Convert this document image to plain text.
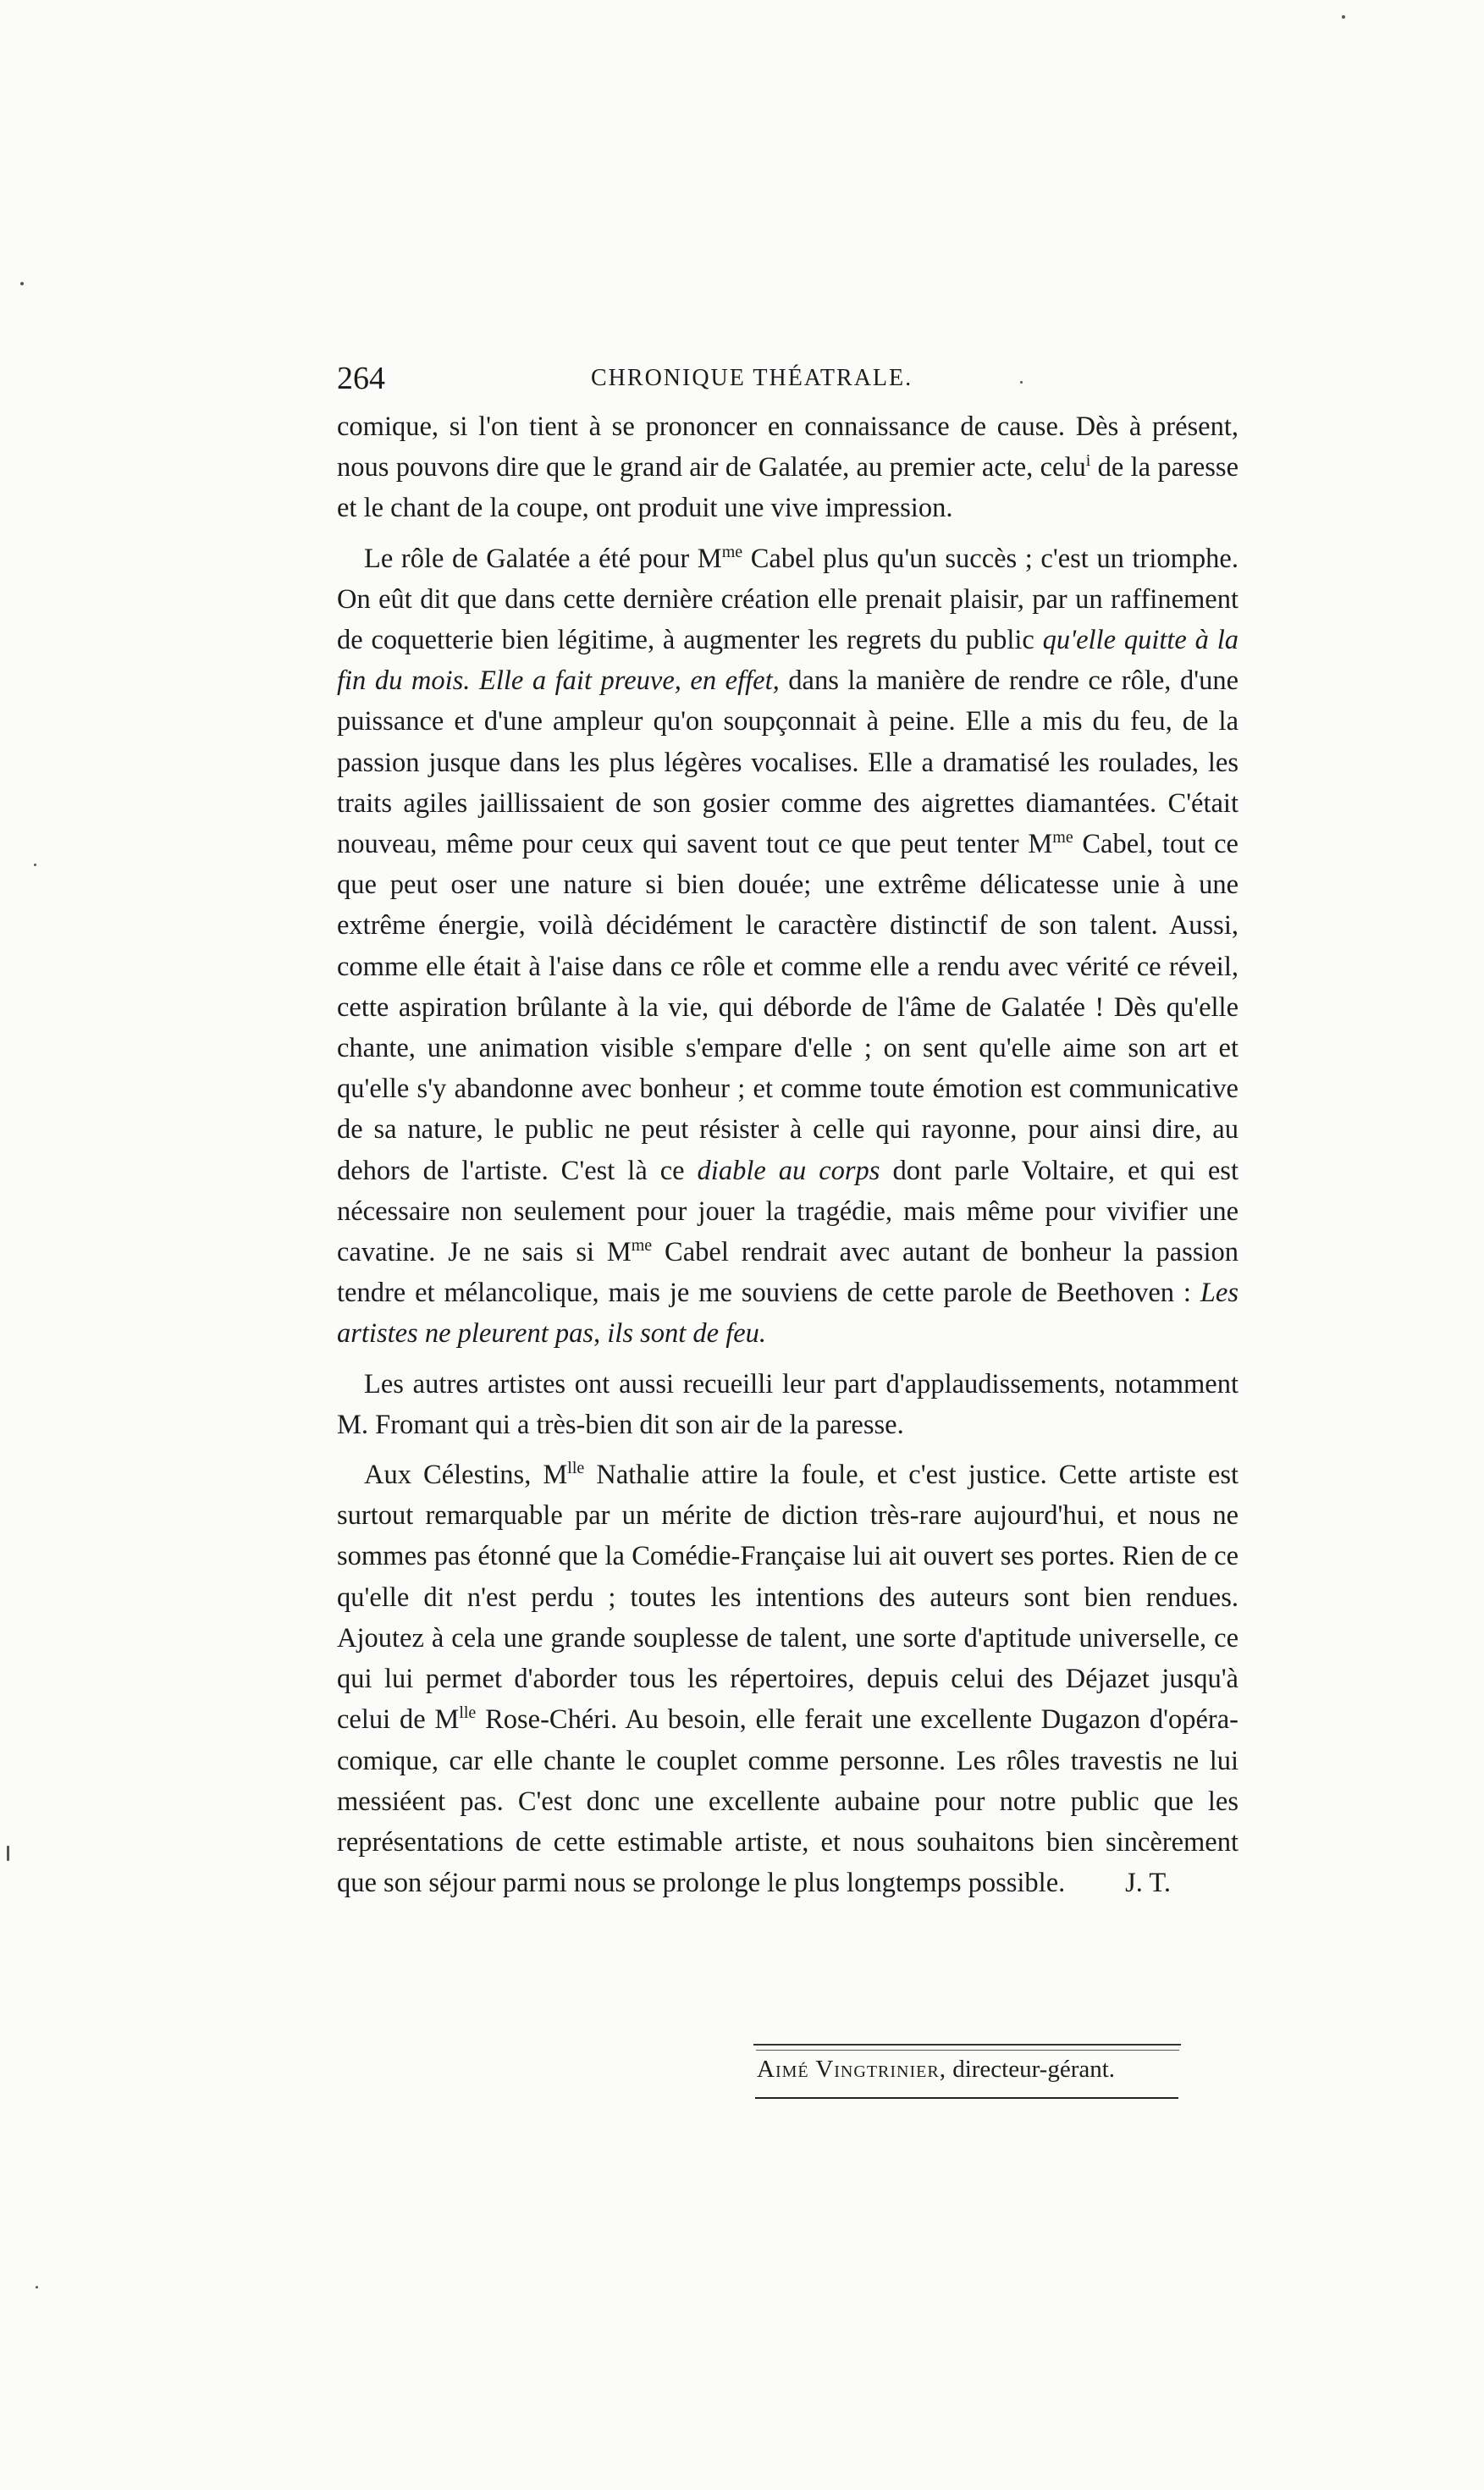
264	CHRONIQUE THÉATRALE.

comique, si l'on tient à se prononcer en connaissance de cause. Dès à présent, nous pouvons dire que le grand air de Galatée, au premier acte, celu$^i$ de la paresse et le chant de la coupe, ont produit une vive impression.

Le rôle de Galatée a été pour $M^{me}$ Cabel plus qu'un succès ; c'est un triomphe. On eût dit que dans cette dernière création elle prenait plaisir, par un raffinement de coquetterie bien légitime, à augmenter les regrets du public qu'elle quitte à la fin du mois. Elle a fait preuve, en effet, dans la manière de rendre ce rôle, d'une puissance et d'une ampleur qu'on soupçonnait à peine. Elle a mis du feu, de la passion jusque dans les plus légères vocalises. Elle a dramatisé les roulades, les traits agiles jaillissaient de son gosier comme des aigrettes diamantées. C'était nouveau, même pour ceux qui savent tout ce que peut tenter $M^{me}$ Cabel, tout ce que peut oser une nature si bien douée; une extrême délicatesse unie à une extrême énergie, voilà décidément le caractère distinctif de son talent. Aussi, comme elle était à l'aise dans ce rôle et comme elle a rendu avec vérité ce réveil, cette aspiration brûlante à la vie, qui déborde de l'âme de Galatée ! Dès qu'elle chante, une animation visible s'empare d'elle ; on sent qu'elle aime son art et qu'elle s'y abandonne avec bonheur ; et comme toute émotion est communicative de sa nature, le public ne peut résister à celle qui rayonne, pour ainsi dire, au dehors de l'artiste. C'est là ce diable au corps dont parle Voltaire, et qui est nécessaire non seulement pour jouer la tragédie, mais même pour vivifier une cavatine. Je ne sais si $M^{me}$ Cabel rendrait avec autant de bonheur la passion tendre et mélancolique, mais je me souviens de cette parole de Beethoven : Les artistes ne pleurent pas, ils sont de feu.

Les autres artistes ont aussi recueilli leur part d'applaudissements, notamment M. Fromant qui a très-bien dit son air de la paresse.

Aux Célestins, $M^{lle}$ Nathalie attire la foule, et c'est justice. Cette artiste est surtout remarquable par un mérite de diction très-rare aujourd'hui, et nous ne sommes pas étonné que la Comédie-Française lui ait ouvert ses portes. Rien de ce qu'elle dit n'est perdu ; toutes les intentions des auteurs sont bien rendues. Ajoutez à cela une grande souplesse de talent, une sorte d'aptitude universelle, ce qui lui permet d'aborder tous les répertoires, depuis celui des Déjazet jusqu'à celui de $M^{lle}$ Rose-Chéri. Au besoin, elle ferait une excellente Dugazon d'opéra-comique, car elle chante le couplet comme personne. Les rôles travestis ne lui messiéent pas. C'est donc une excellente aubaine pour notre public que les représentations de cette estimable artiste, et nous souhaitons bien sincèrement que son séjour parmi nous se prolonge le plus longtemps possible.	J. T.

Aimé Vingtrinier, directeur-gérant.
